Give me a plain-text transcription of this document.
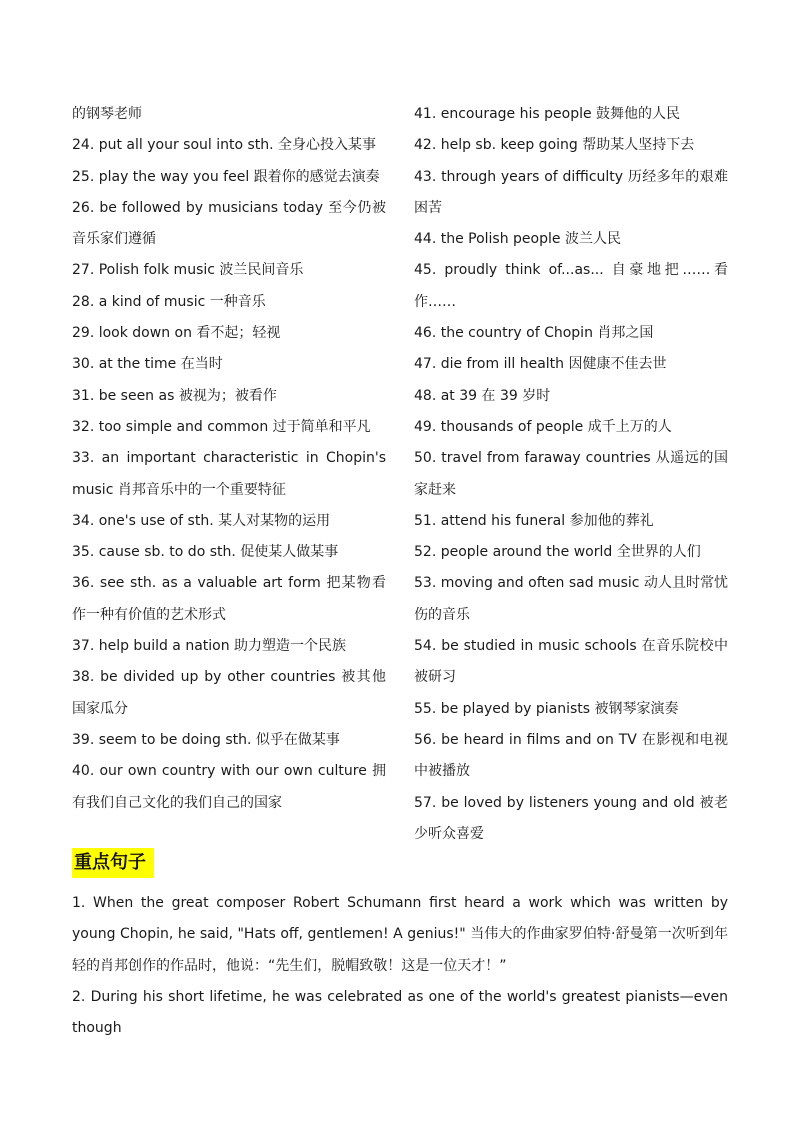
的钢琴老师

24. put all your soul into sth. 全身心投入某事

25. play the way you feel 跟着你的感觉去演奏

26. be followed by musicians today 至今仍被音乐家们遵循

27. Polish folk music 波兰民间音乐

28. a kind of music 一种音乐

29. look down on 看不起；轻视

30. at the time 在当时

31. be seen as 被视为；被看作

32. too simple and common 过于简单和平凡

33. an important characteristic in Chopin's music 肖邦音乐中的一个重要特征

34. one's use of sth. 某人对某物的运用

35. cause sb. to do sth. 促使某人做某事

36. see sth. as a valuable art form 把某物看作一种有价值的艺术形式

37. help build a nation 助力塑造一个民族

38. be divided up by other countries 被其他国家瓜分

39. seem to be doing sth. 似乎在做某事

40. our own country with our own culture 拥有我们自己文化的我们自己的国家

41. encourage his people 鼓舞他的人民

42. help sb. keep going 帮助某人坚持下去

43. through years of difficulty 历经多年的艰难困苦

44. the Polish people 波兰人民

45. proudly think of...as... 自豪地把……看作……

46. the country of Chopin 肖邦之国

47. die from ill health 因健康不佳去世

48. at 39 在 39 岁时

49. thousands of people 成千上万的人

50. travel from faraway countries 从遥远的国家赶来

51. attend his funeral 参加他的葬礼

52. people around the world 全世界的人们

53. moving and often sad music 动人且时常忧伤的音乐

54. be studied in music schools 在音乐院校中被研习

55. be played by pianists 被钢琴家演奏

56. be heard in films and on TV 在影视和电视中被播放

57. be loved by listeners young and old 被老少听众喜爱

重点句子

1. When the great composer Robert Schumann first heard a work which was written by young Chopin, he said, "Hats off, gentlemen! A genius!" 当伟大的作曲家罗伯特·舒曼第一次听到年轻的肖邦创作的作品时，他说：“先生们，脱帽致敬！这是一位天才！”

2. During his short lifetime, he was celebrated as one of the world's greatest pianists—even though
